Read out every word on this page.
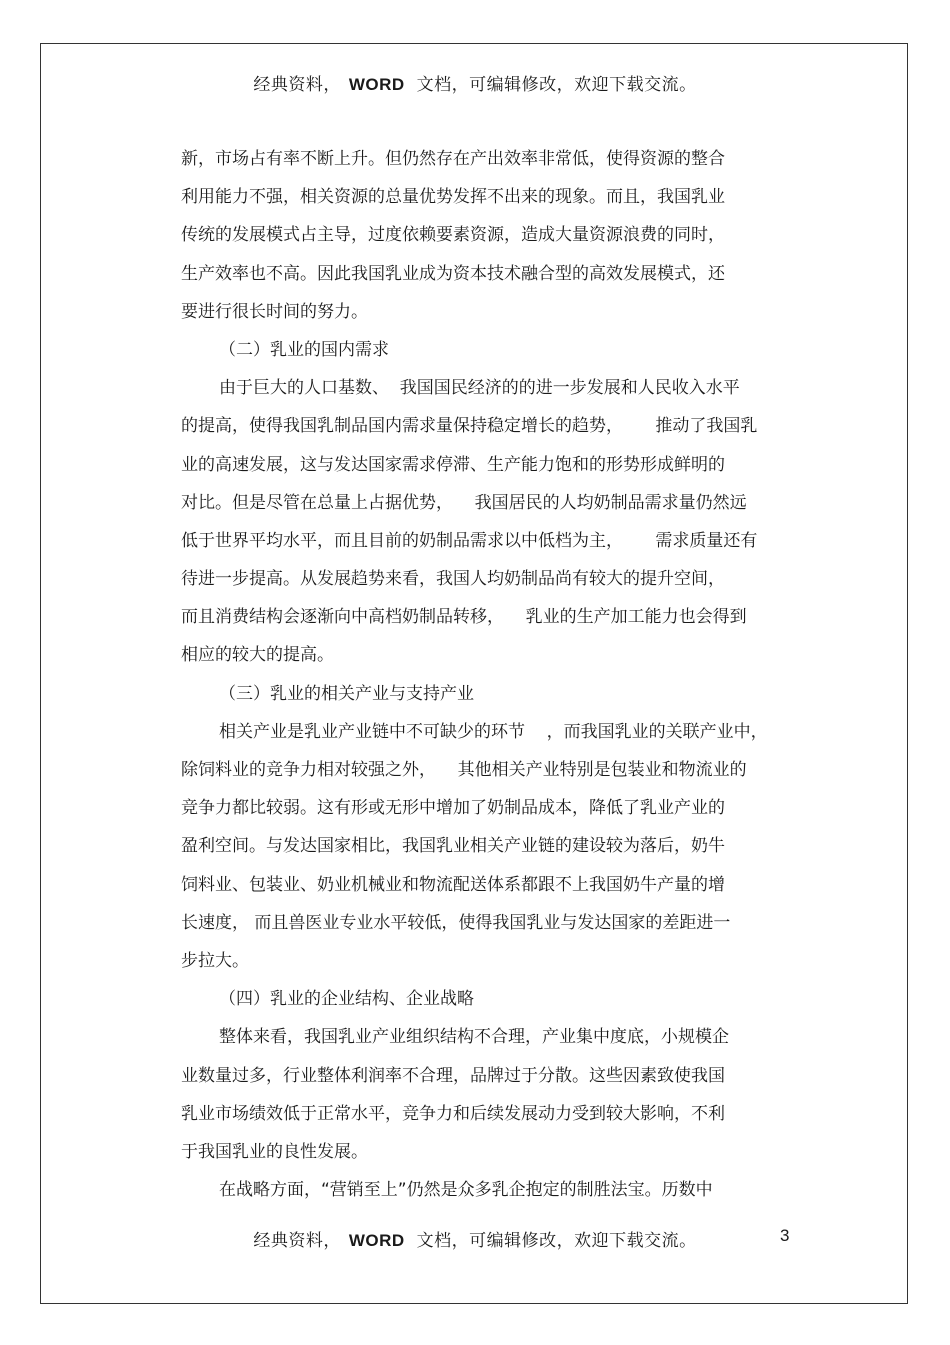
经典资料， WORD 文档，可编辑修改，欢迎下载交流。
新，市场占有率不断上升。但仍然存在产出效率非常低，使得资源的整合
利用能力不强，相关资源的总量优势发挥不出来的现象。而且，我国乳业
传统的发展模式占主导，过度依赖要素资源，造成大量资源浪费的同时，
生产效率也不高。因此我国乳业成为资本技术融合型的高效发展模式，还
要进行很长时间的努力。
（二）乳业的国内需求
由于巨大的人口基数、  我国国民经济的的进一步发展和人民收入水平
的提高，使得我国乳制品国内需求量保持稳定增长的趋势，      推动了我国乳
业的高速发展，这与发达国家需求停滞、生产能力饱和的形势形成鲜明的
对比。但是尽管在总量上占据优势，    我国居民的人均奶制品需求量仍然远
低于世界平均水平，而且目前的奶制品需求以中低档为主，      需求质量还有
待进一步提高。从发展趋势来看，我国人均奶制品尚有较大的提升空间，
而且消费结构会逐渐向中高档奶制品转移，    乳业的生产加工能力也会得到
相应的较大的提高。
（三）乳业的相关产业与支持产业
相关产业是乳业产业链中不可缺少的环节    ，而我国乳业的关联产业中，
除饲料业的竞争力相对较强之外，    其他相关产业特别是包装业和物流业的
竞争力都比较弱。这有形或无形中增加了奶制品成本，降低了乳业产业的
盈利空间。与发达国家相比，我国乳业相关产业链的建设较为落后，奶牛
饲料业、包装业、奶业机械业和物流配送体系都跟不上我国奶牛产量的增
长速度， 而且兽医业专业水平较低，使得我国乳业与发达国家的差距进一
步拉大。
（四）乳业的企业结构、企业战略
整体来看，我国乳业产业组织结构不合理，产业集中度底，小规模企
业数量过多，行业整体利润率不合理，品牌过于分散。这些因素致使我国
乳业市场绩效低于正常水平，竞争力和后续发展动力受到较大影响，不利
于我国乳业的良性发展。
在战略方面，“营销至上”仍然是众多乳企抱定的制胜法宝。历数中
经典资料， WORD 文档，可编辑修改，欢迎下载交流。	3
